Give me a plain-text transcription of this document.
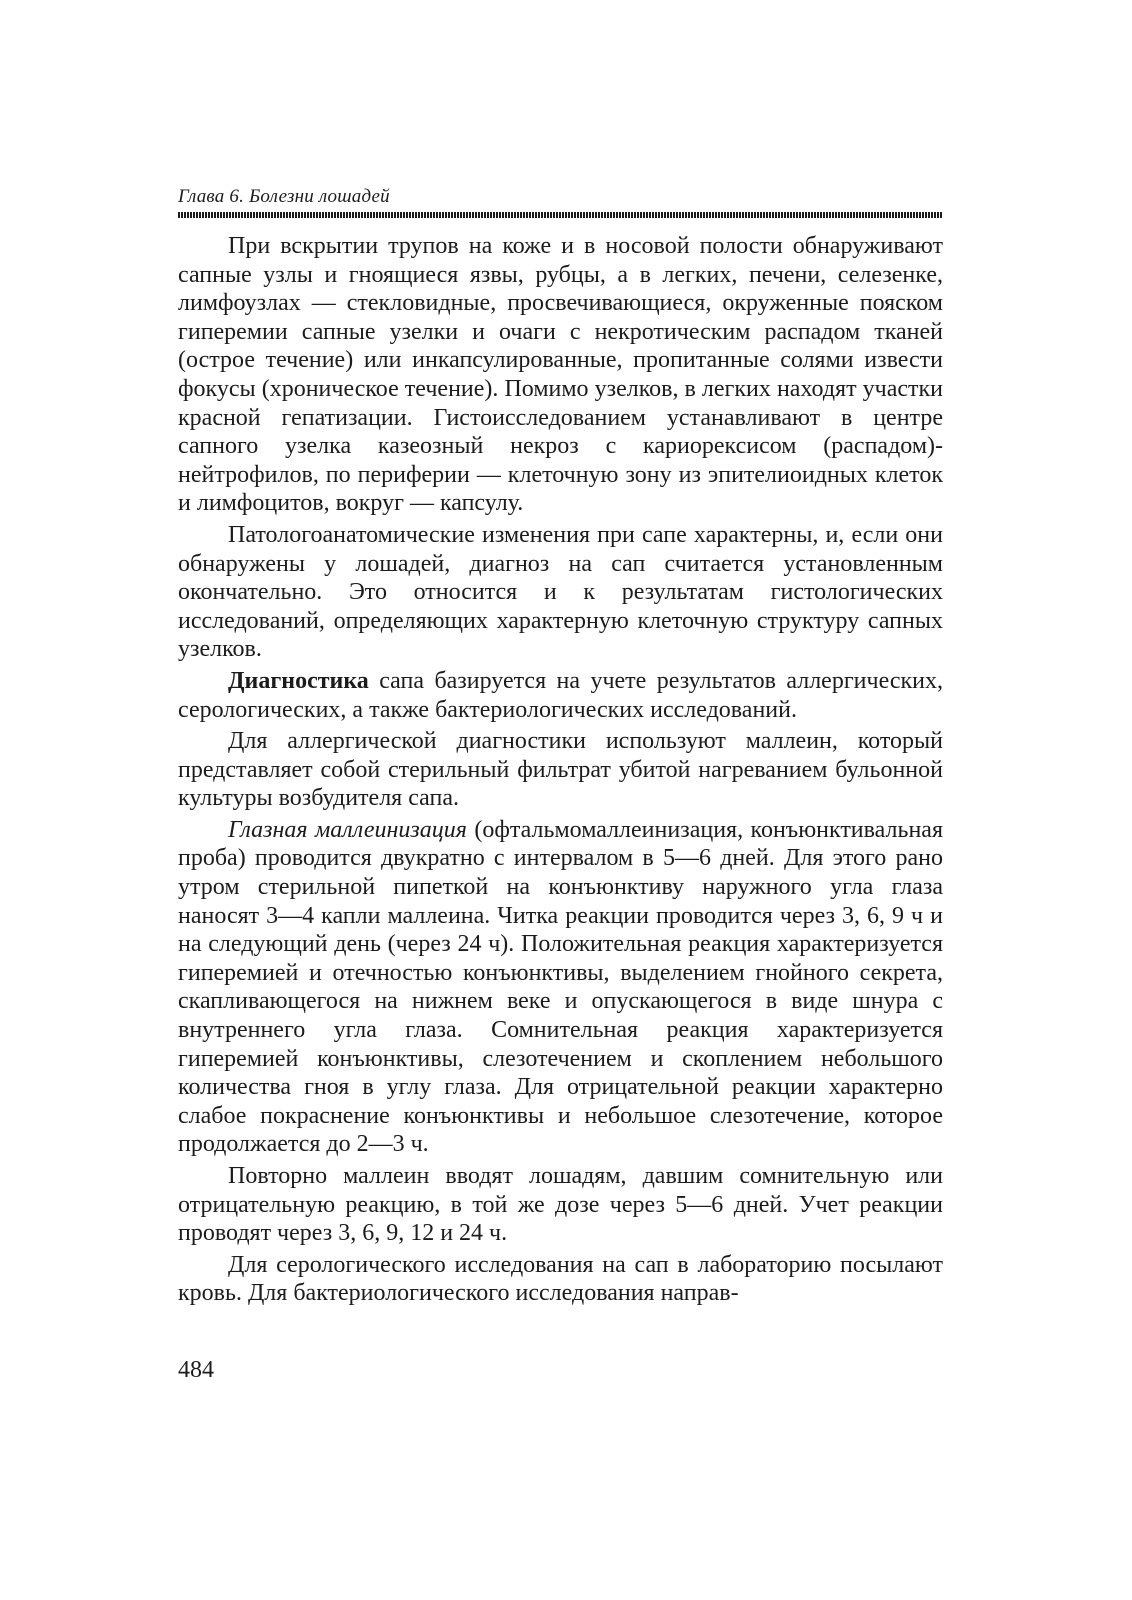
Глава 6. Болезни лошадей

При вскрытии трупов на коже и в носовой полости обнаруживают сапные узлы и гноящиеся язвы, рубцы, а в легких, печени, селезенке, лимфоузлах — стекловидные, просвечивающиеся, окруженные пояском гиперемии сапные узелки и очаги с некротическим распадом тканей (острое течение) или инкапсулированные, пропитанные солями извести фокусы (хроническое течение). Помимо узелков, в легких находят участки красной гепатизации. Гистоисследованием устанавливают в центре сапного узелка казеозный некроз с кариорексисом (распадом) нейтрофилов, по периферии — клеточную зону из эпителиоидных клеток и лимфоцитов, вокруг — капсулу.

Патологоанатомические изменения при сапе характерны, и, если они обнаружены у лошадей, диагноз на сап считается установленным окончательно. Это относится и к результатам гистологических исследований, определяющих характерную клеточную структуру сапных узелков.

Диагностика сапа базируется на учете результатов аллергических, серологических, а также бактериологических исследований.

Для аллергической диагностики используют маллеин, который представляет собой стерильный фильтрат убитой нагреванием бульонной культуры возбудителя сапа.

Глазная маллеинизация (офтальмомаллеинизация, конъюнктивальная проба) проводится двукратно с интервалом в 5—6 дней. Для этого рано утром стерильной пипеткой на конъюнктиву наружного угла глаза наносят 3—4 капли маллеина. Читка реакции проводится через 3, 6, 9 ч и на следующий день (через 24 ч). Положительная реакция характеризуется гиперемией и отечностью конъюнктивы, выделением гнойного секрета, скапливающегося на нижнем веке и опускающегося в виде шнура с внутреннего угла глаза. Сомнительная реакция характеризуется гиперемией конъюнктивы, слезотечением и скоплением небольшого количества гноя в углу глаза. Для отрицательной реакции характерно слабое покраснение конъюнктивы и небольшое слезотечение, которое продолжается до 2—3 ч.

Повторно маллеин вводят лошадям, давшим сомнительную или отрицательную реакцию, в той же дозе через 5—6 дней. Учет реакции проводят через 3, 6, 9, 12 и 24 ч.

Для серологического исследования на сап в лабораторию посылают кровь. Для бактериологического исследования направ-

484
